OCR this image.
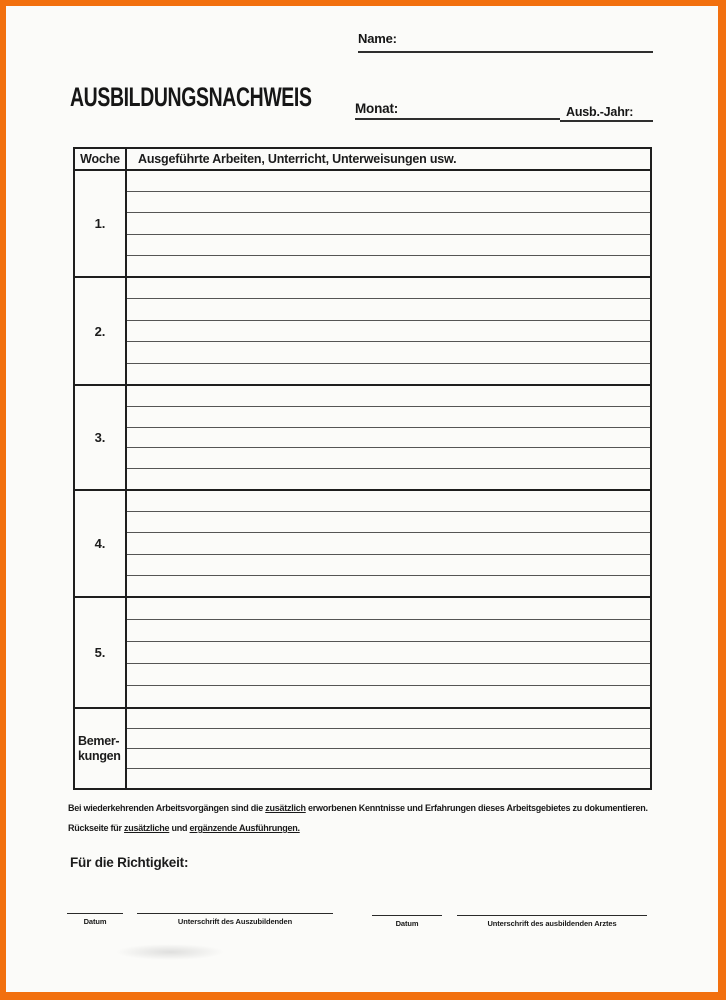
AUSBILDUNGSNACHWEIS
Name:
Monat:	Ausb.-Jahr:
Woche	Ausgeführte Arbeiten, Unterricht, Unterweisungen usw.
1.
2.
3.
4.
5.
Bemer-
kungen
Bei wiederkehrenden Arbeitsvorgängen sind die zusätzlich erworbenen Kenntnisse und Erfahrungen dieses Arbeitsgebietes zu dokumentieren.
Rückseite für zusätzliche und ergänzende Ausführungen.
Für die Richtigkeit:
Datum	Unterschrift des Auszubildenden	Datum	Unterschrift des ausbildenden Arztes
